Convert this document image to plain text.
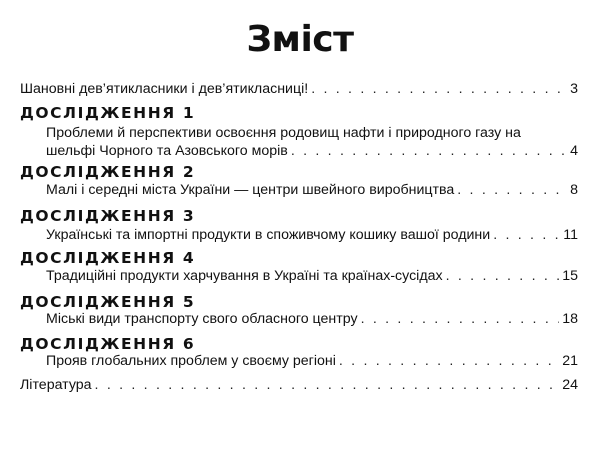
Зміст
Шановні дев’ятикласники і дев’ятикласниці! . . .	3
ДОСЛІДЖЕННЯ 1
Проблеми й перспективи освоєння родовищ нафти і природного газу на
шельфі Чорного та Азовського морів . . .	4
ДОСЛІДЖЕННЯ 2
Малі і середні міста України — центри швейного виробництва . . .	8
ДОСЛІДЖЕННЯ 3
Українські та імпортні продукти в споживчому кошику вашої родини . . .	11
ДОСЛІДЖЕННЯ 4
Традиційні продукти харчування в Україні та країнах-сусідах . . .	15
ДОСЛІДЖЕННЯ 5
Міські види транспорту свого обласного центру . . .	18
ДОСЛІДЖЕННЯ 6
Прояв глобальних проблем у своєму регіоні . . .	21
Література . . .	24
